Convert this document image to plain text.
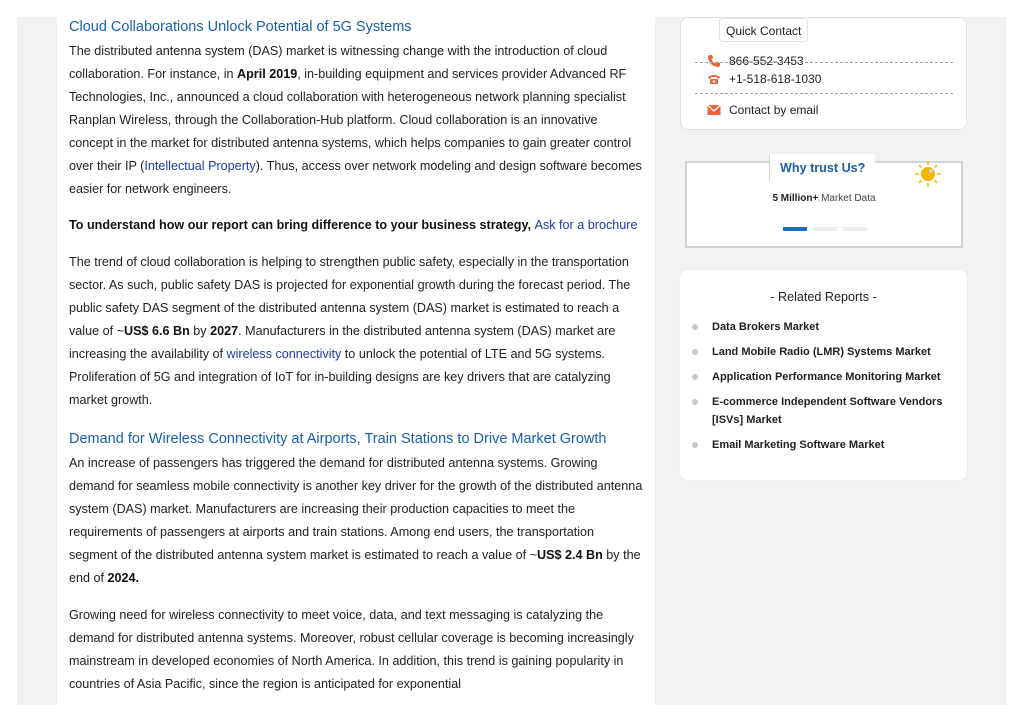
Cloud Collaborations Unlock Potential of 5G Systems

The distributed antenna system (DAS) market is witnessing change with the introduction of cloud collaboration. For instance, in April 2019, in-building equipment and services provider Advanced RF Technologies, Inc., announced a cloud collaboration with heterogeneous network planning specialist Ranplan Wireless, through the Collaboration-Hub platform. Cloud collaboration is an innovative concept in the market for distributed antenna systems, which helps companies to gain greater control over their IP (Intellectual Property). Thus, access over network modeling and design software becomes easier for network engineers.

To understand how our report can bring difference to your business strategy, Ask for a brochure

The trend of cloud collaboration is helping to strengthen public safety, especially in the transportation sector. As such, public safety DAS is projected for exponential growth during the forecast period. The public safety DAS segment of the distributed antenna system (DAS) market is estimated to reach a value of ~US$ 6.6 Bn by 2027. Manufacturers in the distributed antenna system (DAS) market are increasing the availability of wireless connectivity to unlock the potential of LTE and 5G systems. Proliferation of 5G and integration of IoT for in-building designs are key drivers that are catalyzing market growth.

Demand for Wireless Connectivity at Airports, Train Stations to Drive Market Growth

An increase of passengers has triggered the demand for distributed antenna systems. Growing demand for seamless mobile connectivity is another key driver for the growth of the distributed antenna system (DAS) market. Manufacturers are increasing their production capacities to meet the requirements of passengers at airports and train stations. Among end users, the transportation segment of the distributed antenna system market is estimated to reach a value of ~US$ 2.4 Bn by the end of 2024.

Growing need for wireless connectivity to meet voice, data, and text messaging is catalyzing the demand for distributed antenna systems. Moreover, robust cellular coverage is becoming increasingly mainstream in developed economies of North America. In addition, this trend is gaining popularity in countries of Asia Pacific, since the region is anticipated for exponential

Quick Contact
866-552-3453
+1-518-618-1030
Contact by email
Why trust Us?
5 Million+ Market Data
- Related Reports -
Data Brokers Market
Land Mobile Radio (LMR) Systems Market
Application Performance Monitoring Market
E-commerce Independent Software Vendors [ISVs] Market
Email Marketing Software Market
